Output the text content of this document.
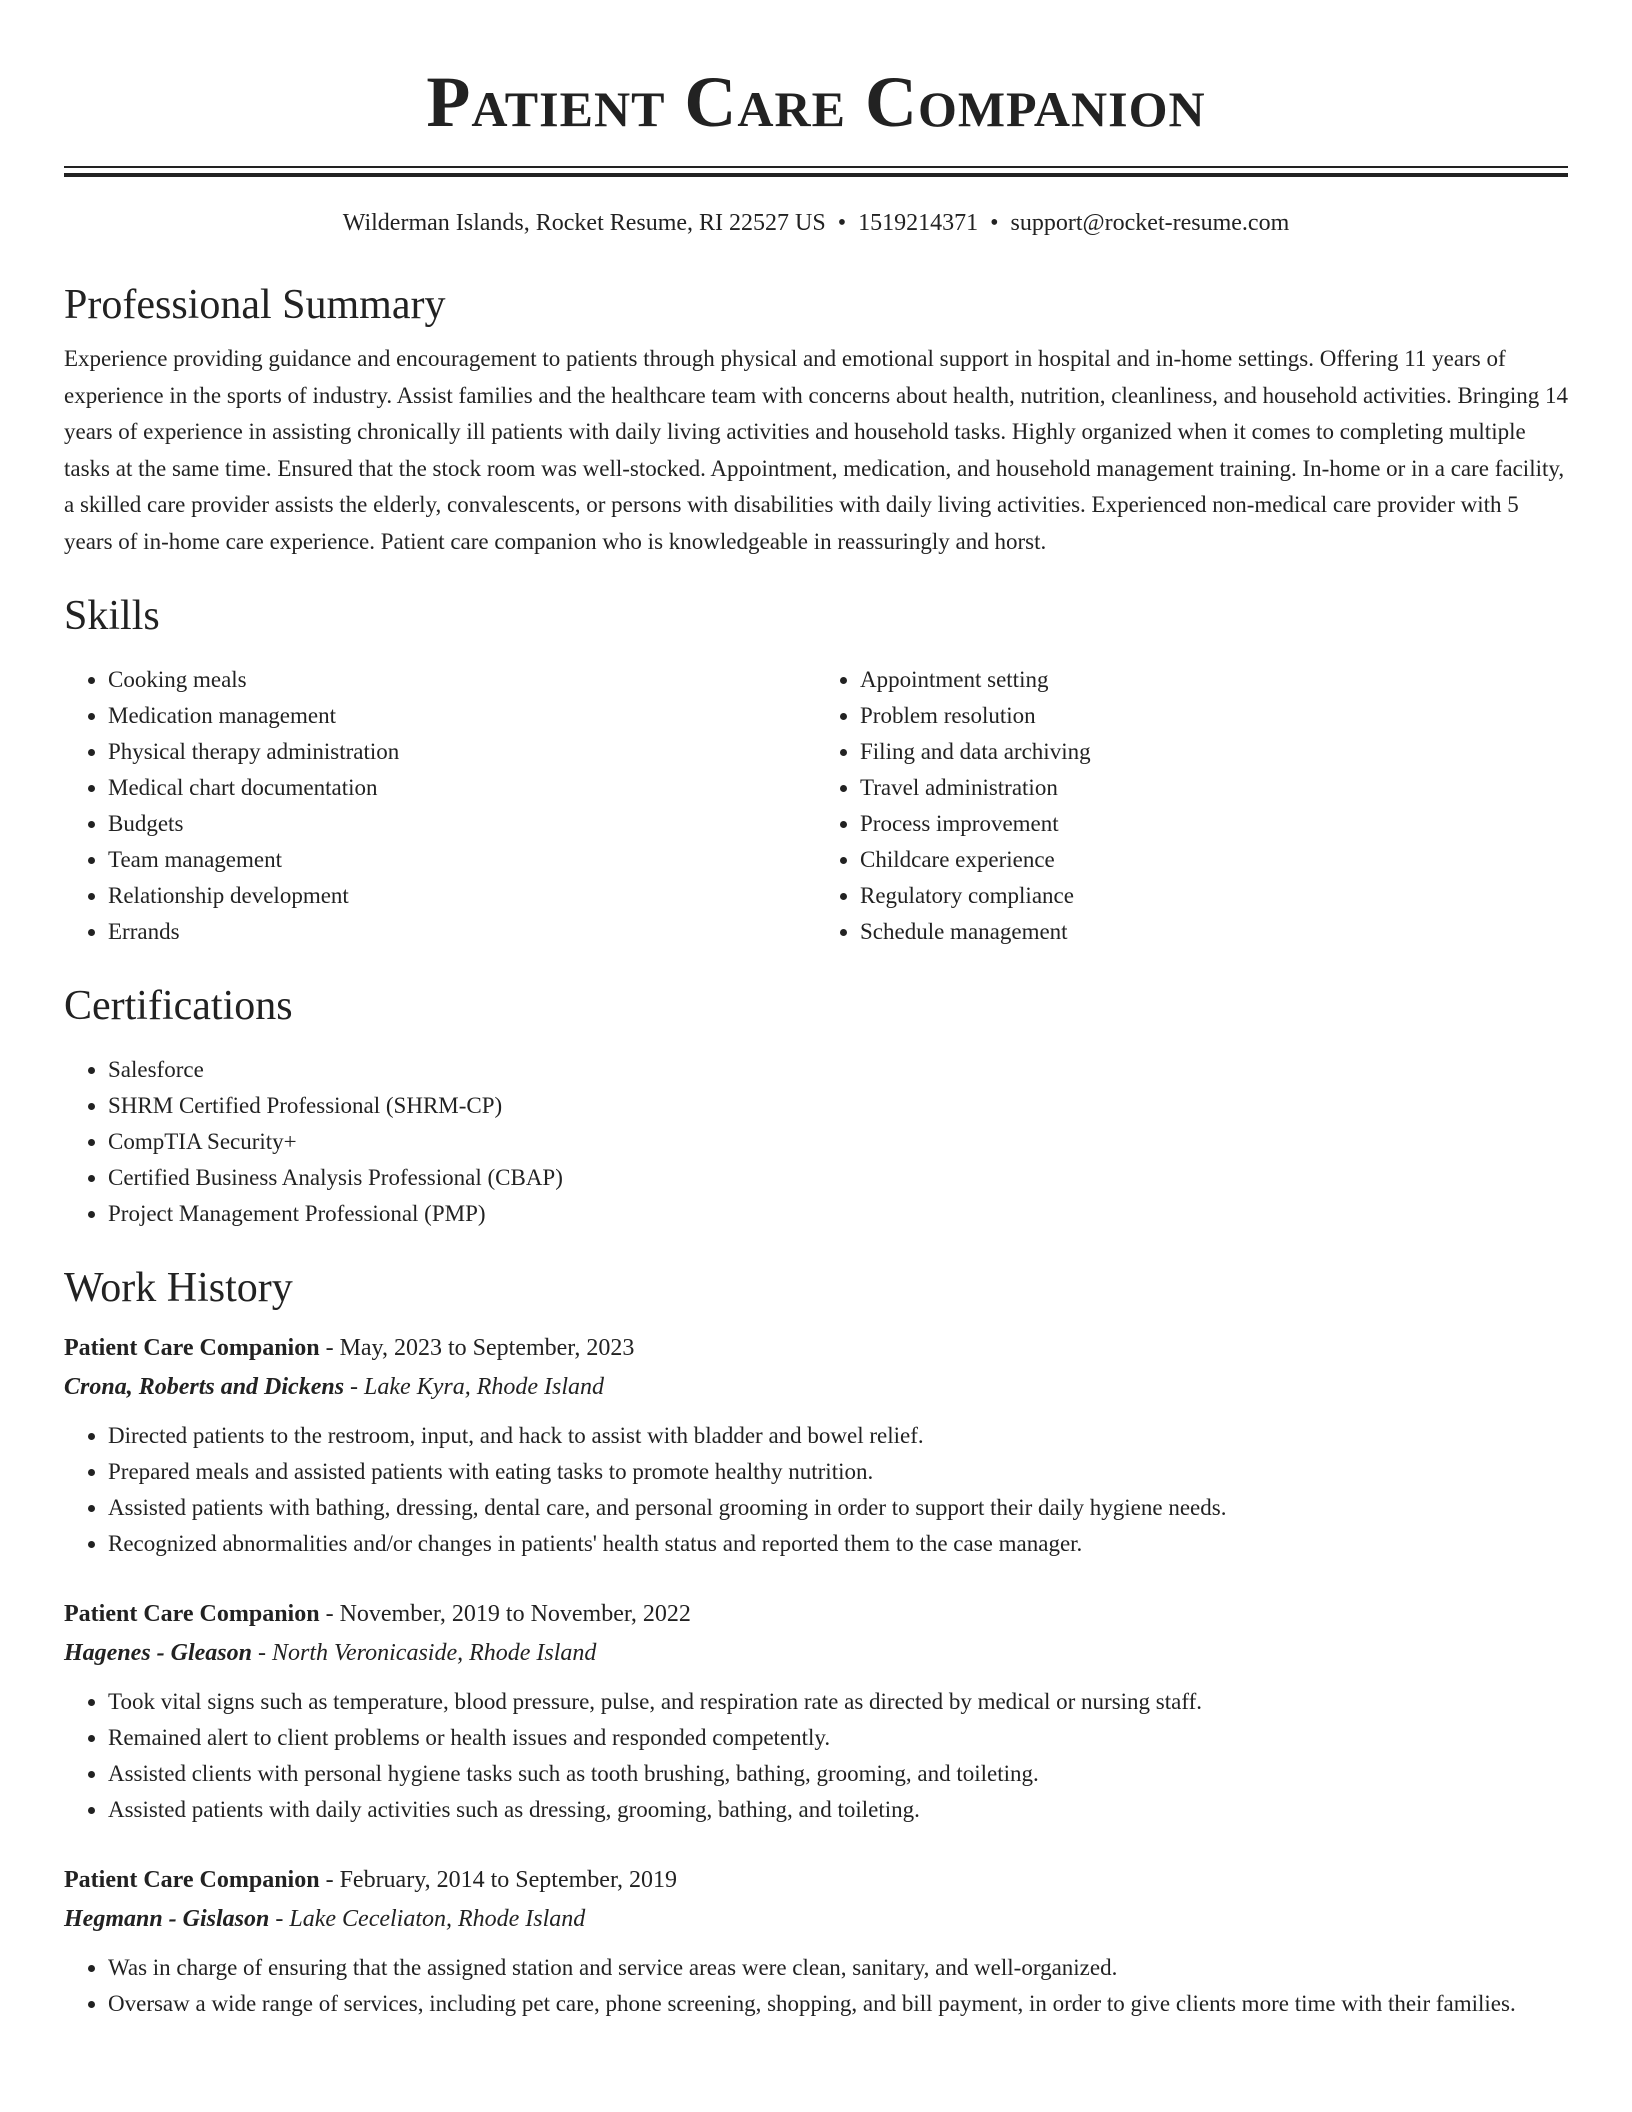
Patient Care Companion
Wilderman Islands, Rocket Resume, RI 22527 US • 1519214371 • support@rocket-resume.com
Professional Summary
Experience providing guidance and encouragement to patients through physical and emotional support in hospital and in-home settings. Offering 11 years of experience in the sports of industry. Assist families and the healthcare team with concerns about health, nutrition, cleanliness, and household activities. Bringing 14 years of experience in assisting chronically ill patients with daily living activities and household tasks. Highly organized when it comes to completing multiple tasks at the same time. Ensured that the stock room was well-stocked. Appointment, medication, and household management training. In-home or in a care facility, a skilled care provider assists the elderly, convalescents, or persons with disabilities with daily living activities. Experienced non-medical care provider with 5 years of in-home care experience. Patient care companion who is knowledgeable in reassuringly and horst.
Skills
• Cooking meals
• Medication management
• Physical therapy administration
• Medical chart documentation
• Budgets
• Team management
• Relationship development
• Errands
• Appointment setting
• Problem resolution
• Filing and data archiving
• Travel administration
• Process improvement
• Childcare experience
• Regulatory compliance
• Schedule management
Certifications
• Salesforce
• SHRM Certified Professional (SHRM-CP)
• CompTIA Security+
• Certified Business Analysis Professional (CBAP)
• Project Management Professional (PMP)
Work History
Patient Care Companion - May, 2023 to September, 2023
Crona, Roberts and Dickens - Lake Kyra, Rhode Island
• Directed patients to the restroom, input, and hack to assist with bladder and bowel relief.
• Prepared meals and assisted patients with eating tasks to promote healthy nutrition.
• Assisted patients with bathing, dressing, dental care, and personal grooming in order to support their daily hygiene needs.
• Recognized abnormalities and/or changes in patients' health status and reported them to the case manager.
Patient Care Companion - November, 2019 to November, 2022
Hagenes - Gleason - North Veronicaside, Rhode Island
• Took vital signs such as temperature, blood pressure, pulse, and respiration rate as directed by medical or nursing staff.
• Remained alert to client problems or health issues and responded competently.
• Assisted clients with personal hygiene tasks such as tooth brushing, bathing, grooming, and toileting.
• Assisted patients with daily activities such as dressing, grooming, bathing, and toileting.
Patient Care Companion - February, 2014 to September, 2019
Hegmann - Gislason - Lake Ceceliaton, Rhode Island
• Was in charge of ensuring that the assigned station and service areas were clean, sanitary, and well-organized.
• Oversaw a wide range of services, including pet care, phone screening, shopping, and bill payment, in order to give clients more time with their families.
